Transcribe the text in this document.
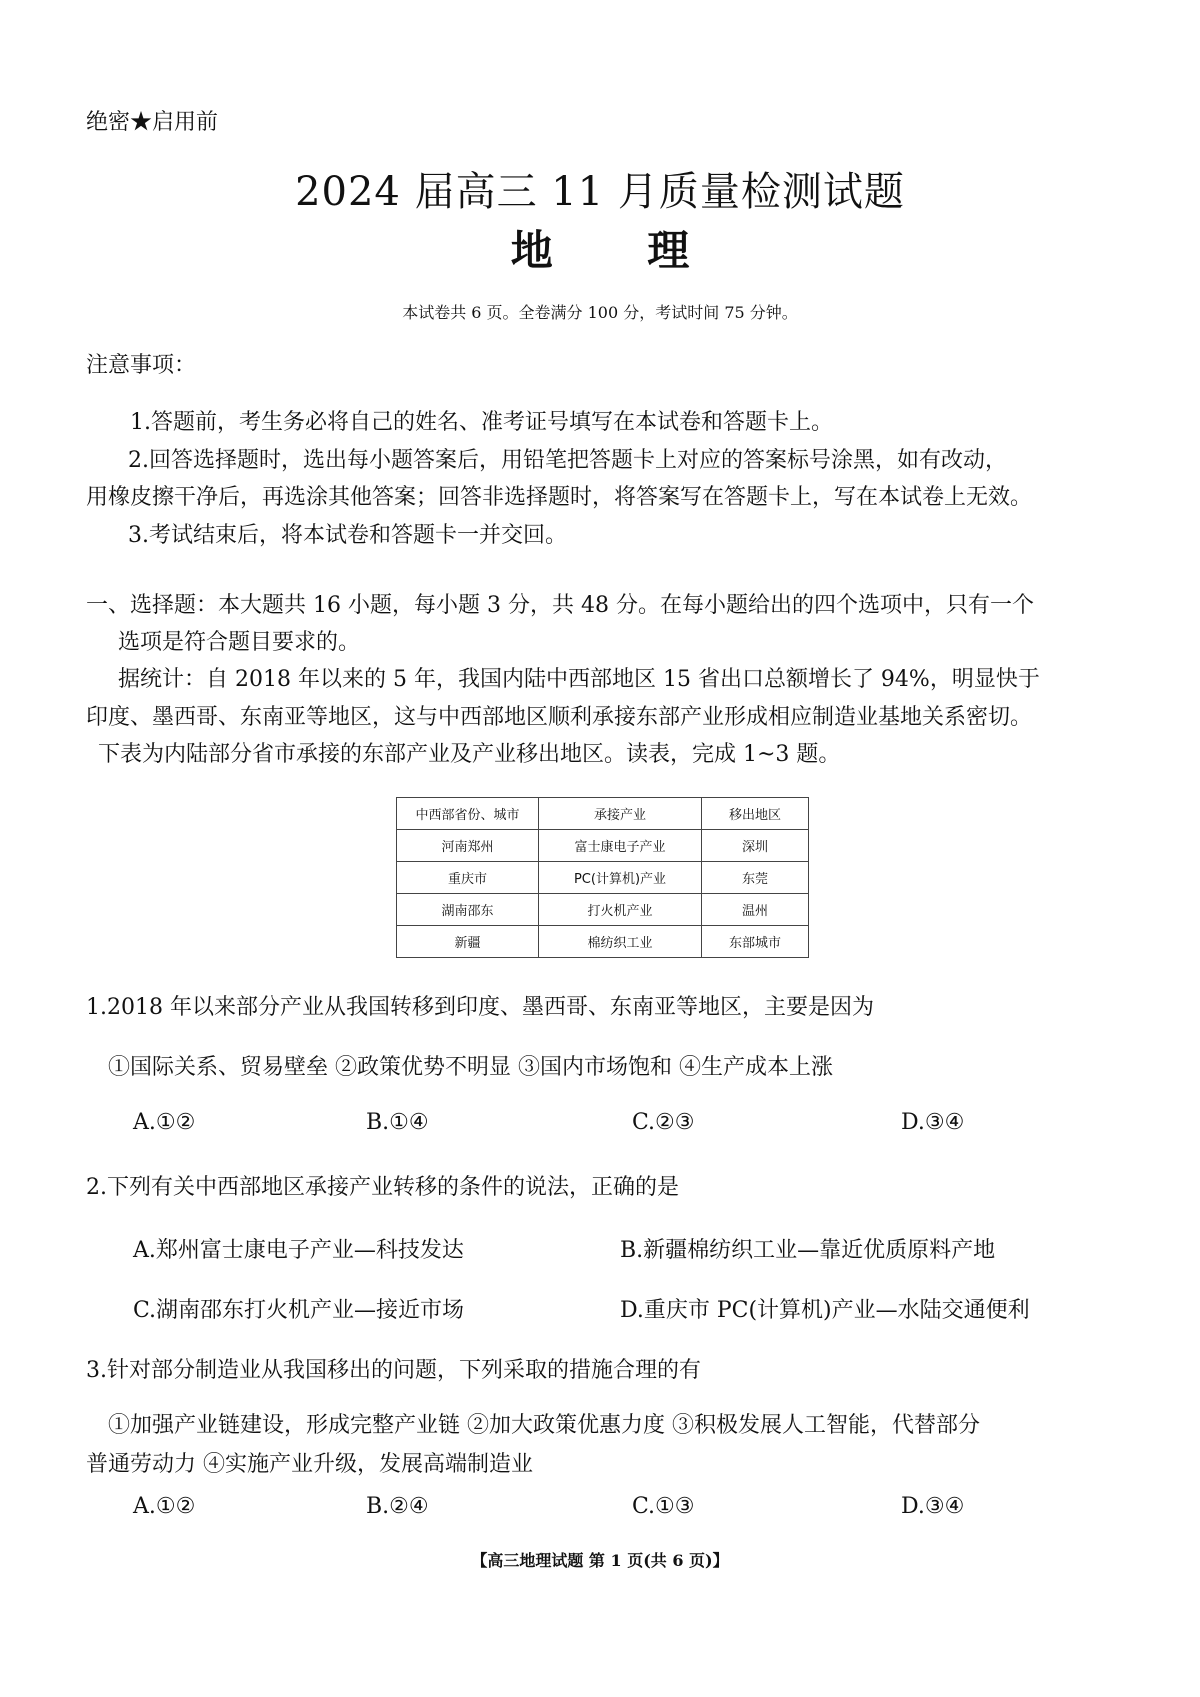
绝密★启用前
2024 届高三 11 月质量检测试题
地 理
本试卷共 6 页。全卷满分 100 分，考试时间 75 分钟。
注意事项：
1.答题前，考生务必将自己的姓名、准考证号填写在本试卷和答题卡上。
2.回答选择题时，选出每小题答案后，用铅笔把答题卡上对应的答案标号涂黑，如有改动，
用橡皮擦干净后，再选涂其他答案；回答非选择题时，将答案写在答题卡上，写在本试卷上无效。
3.考试结束后，将本试卷和答题卡一并交回。
一、选择题：本大题共 16 小题，每小题 3 分，共 48 分。在每小题给出的四个选项中，只有一个
选项是符合题目要求的。
据统计：自 2018 年以来的 5 年，我国内陆中西部地区 15 省出口总额增长了 94%，明显快于
印度、墨西哥、东南亚等地区，这与中西部地区顺利承接东部产业形成相应制造业基地关系密切。
下表为内陆部分省市承接的东部产业及产业移出地区。读表，完成 1~3 题。
中西部省份、城市	承接产业	移出地区
河南郑州	富士康电子产业	深圳
重庆市	PC(计算机)产业	东莞
湖南邵东	打火机产业	温州
新疆	棉纺织工业	东部城市
1.2018 年以来部分产业从我国转移到印度、墨西哥、东南亚等地区，主要是因为
①国际关系、贸易壁垒 ②政策优势不明显 ③国内市场饱和 ④生产成本上涨
A.①②	B.①④	C.②③	D.③④
2.下列有关中西部地区承接产业转移的条件的说法，正确的是
A.郑州富士康电子产业—科技发达	B.新疆棉纺织工业—靠近优质原料产地
C.湖南邵东打火机产业—接近市场	D.重庆市 PC(计算机)产业—水陆交通便利
3.针对部分制造业从我国移出的问题，下列采取的措施合理的有
①加强产业链建设，形成完整产业链 ②加大政策优惠力度 ③积极发展人工智能，代替部分
普通劳动力 ④实施产业升级，发展高端制造业
A.①②	B.②④	C.①③	D.③④
【高三地理试题 第 1 页(共 6 页)】
